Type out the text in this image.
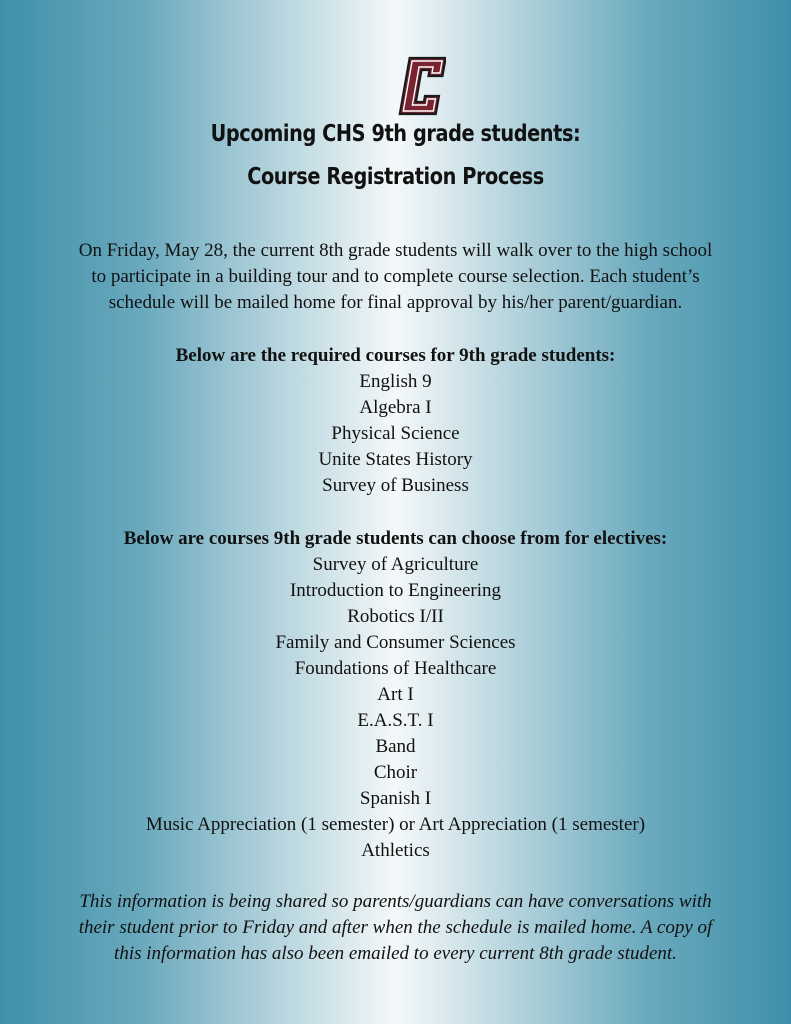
Upcoming CHS 9th grade students:
Course Registration Process

On Friday, May 28, the current 8th grade students will walk over to the high school
to participate in a building tour and to complete course selection. Each student’s
schedule will be mailed home for final approval by his/her parent/guardian.

Below are the required courses for 9th grade students:
English 9
Algebra I
Physical Science
Unite States History
Survey of Business
Below are courses 9th grade students can choose from for electives:
Survey of Agriculture
Introduction to Engineering
Robotics I/II
Family and Consumer Sciences
Foundations of Healthcare
Art I
E.A.S.T. I
Band
Choir
Spanish I
Music Appreciation (1 semester) or Art Appreciation (1 semester)
Athletics

This information is being shared so parents/guardians can have conversations with
their student prior to Friday and after when the schedule is mailed home. A copy of
this information has also been emailed to every current 8th grade student.
